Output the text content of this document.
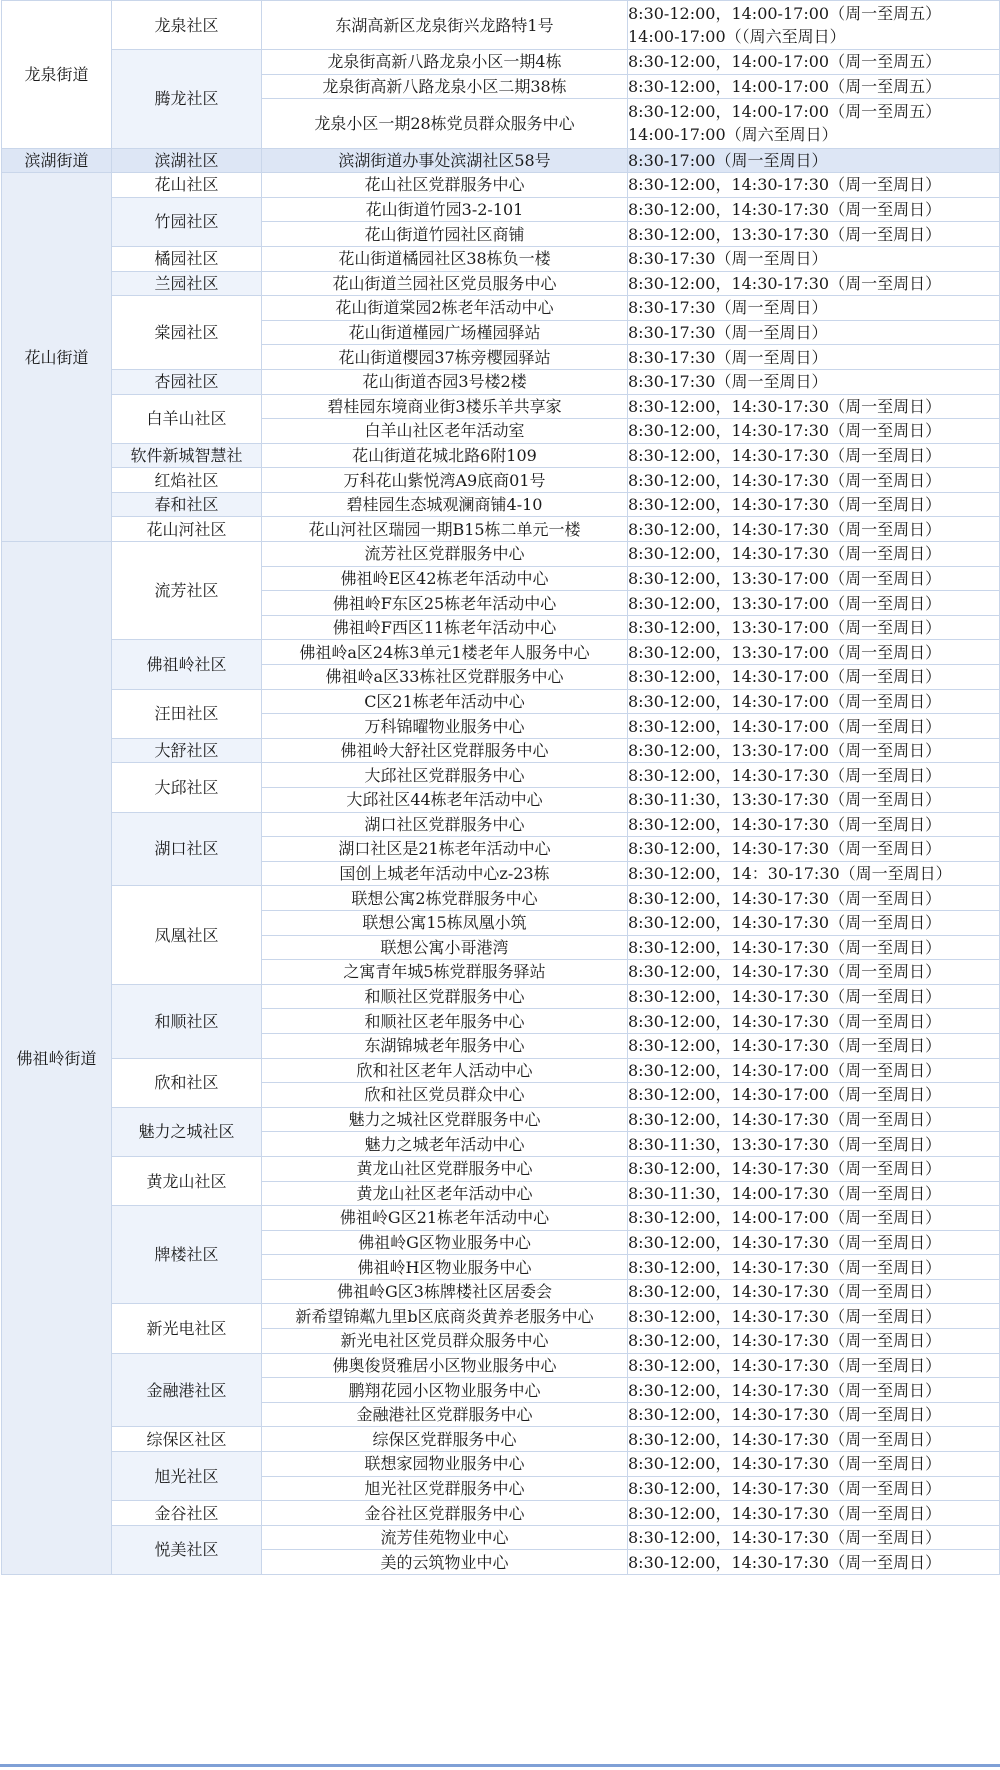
龙泉街道	龙泉社区	东湖高新区龙泉街兴龙路特1号	8:30-12:00，14:00-17:00（周一至周五）
14:00-17:00（（周六至周日）

	腾龙社区	龙泉街高新八路龙泉小区一期4栋	8:30-12:00，14:00-17:00（周一至周五）

		龙泉街高新八路龙泉小区二期38栋	8:30-12:00，14:00-17:00（周一至周五）

		龙泉小区一期28栋党员群众服务中心	8:30-12:00，14:00-17:00（周一至周五）
14:00-17:00（周六至周日）

滨湖街道	滨湖社区	滨湖街道办事处滨湖社区58号	8:30-17:00（周一至周日）

花山街道	花山社区	花山社区党群服务中心	8:30-12:00，14:30-17:30（周一至周日）

	竹园社区	花山街道竹园3-2-101	8:30-12:00，14:30-17:30（周一至周日）

		花山街道竹园社区商铺	8:30-12:00，13:30-17:30（周一至周日）

	橘园社区	花山街道橘园社区38栋负一楼	8:30-17:30（周一至周日）

	兰园社区	花山街道兰园社区党员服务中心	8:30-12:00，14:30-17:30（周一至周日）

	棠园社区	花山街道棠园2栋老年活动中心	8:30-17:30（周一至周日）

		花山街道槿园广场槿园驿站	8:30-17:30（周一至周日）

		花山街道樱园37栋旁樱园驿站	8:30-17:30（周一至周日）

	杏园社区	花山街道杏园3号楼2楼	8:30-17:30（周一至周日）

	白羊山社区	碧桂园东境商业街3楼乐羊共享家	8:30-12:00，14:30-17:30（周一至周日）

		白羊山社区老年活动室	8:30-12:00，14:30-17:30（周一至周日）

	软件新城智慧社	花山街道花城北路6附109	8:30-12:00，14:30-17:30（周一至周日）

	红焰社区	万科花山紫悦湾A9底商01号	8:30-12:00，14:30-17:30（周一至周日）

	春和社区	碧桂园生态城观澜商铺4-10	8:30-12:00，14:30-17:30（周一至周日）

	花山河社区	花山河社区瑞园一期B15栋二单元一楼	8:30-12:00，14:30-17:30（周一至周日）

佛祖岭街道	流芳社区	流芳社区党群服务中心	8:30-12:00，14:30-17:30（周一至周日）

		佛祖岭E区42栋老年活动中心	8:30-12:00，13:30-17:00（周一至周日）

		佛祖岭F东区25栋老年活动中心	8:30-12:00，13:30-17:00（周一至周日）

		佛祖岭F西区11栋老年活动中心	8:30-12:00，13:30-17:00（周一至周日）

	佛祖岭社区	佛祖岭a区24栋3单元1楼老年人服务中心	8:30-12:00，13:30-17:00（周一至周日）

		佛祖岭a区33栋社区党群服务中心	8:30-12:00，14:30-17:00（周一至周日）

	汪田社区	C区21栋老年活动中心	8:30-12:00，14:30-17:00（周一至周日）

		万科锦曜物业服务中心	8:30-12:00，14:30-17:00（周一至周日）

	大舒社区	佛祖岭大舒社区党群服务中心	8:30-12:00，13:30-17:00（周一至周日）

	大邱社区	大邱社区党群服务中心	8:30-12:00，14:30-17:30（周一至周日）

		大邱社区44栋老年活动中心	8:30-11:30，13:30-17:30（周一至周日）

	湖口社区	湖口社区党群服务中心	8:30-12:00，14:30-17:30（周一至周日）

		湖口社区是21栋老年活动中心	8:30-12:00，14:30-17:30（周一至周日）

		国创上城老年活动中心z-23栋	8:30-12:00，14：30-17:30（周一至周日）

	凤凰社区	联想公寓2栋党群服务中心	8:30-12:00，14:30-17:30（周一至周日）

		联想公寓15栋凤凰小筑	8:30-12:00，14:30-17:30（周一至周日）

		联想公寓小哥港湾	8:30-12:00，14:30-17:30（周一至周日）

		之寓青年城5栋党群服务驿站	8:30-12:00，14:30-17:30（周一至周日）

	和顺社区	和顺社区党群服务中心	8:30-12:00，14:30-17:30（周一至周日）

		和顺社区老年服务中心	8:30-12:00，14:30-17:30（周一至周日）

		东湖锦城老年服务中心	8:30-12:00，14:30-17:30（周一至周日）

	欣和社区	欣和社区老年人活动中心	8:30-12:00，14:30-17:00（周一至周日）

		欣和社区党员群众中心	8:30-12:00，14:30-17:00（周一至周日）

	魅力之城社区	魅力之城社区党群服务中心	8:30-12:00，14:30-17:30（周一至周日）

		魅力之城老年活动中心	8:30-11:30，13:30-17:30（周一至周日）

	黄龙山社区	黄龙山社区党群服务中心	8:30-12:00，14:30-17:30（周一至周日）

		黄龙山社区老年活动中心	8:30-11:30，14:00-17:30（周一至周日）

	牌楼社区	佛祖岭G区21栋老年活动中心	8:30-12:00，14:00-17:00（周一至周日）

		佛祖岭G区物业服务中心	8:30-12:00，14:30-17:30（周一至周日）

		佛祖岭H区物业服务中心	8:30-12:00，14:30-17:30（周一至周日）

		佛祖岭G区3栋牌楼社区居委会	8:30-12:00，14:30-17:30（周一至周日）

	新光电社区	新希望锦粼九里b区底商炎黄养老服务中心	8:30-12:00，14:30-17:30（周一至周日）

		新光电社区党员群众服务中心	8:30-12:00，14:30-17:30（周一至周日）

	金融港社区	佛奥俊贤雅居小区物业服务中心	8:30-12:00，14:30-17:30（周一至周日）

		鹏翔花园小区物业服务中心	8:30-12:00，14:30-17:30（周一至周日）

		金融港社区党群服务中心	8:30-12:00，14:30-17:30（周一至周日）

	综保区社区	综保区党群服务中心	8:30-12:00，14:30-17:30（周一至周日）

	旭光社区	联想家园物业服务中心	8:30-12:00，14:30-17:30（周一至周日）

		旭光社区党群服务中心	8:30-12:00，14:30-17:30（周一至周日）

	金谷社区	金谷社区党群服务中心	8:30-12:00，14:30-17:30（周一至周日）

	悦美社区	流芳佳苑物业中心	8:30-12:00，14:30-17:30（周一至周日）

		美的云筑物业中心	8:30-12:00，14:30-17:30（周一至周日）
